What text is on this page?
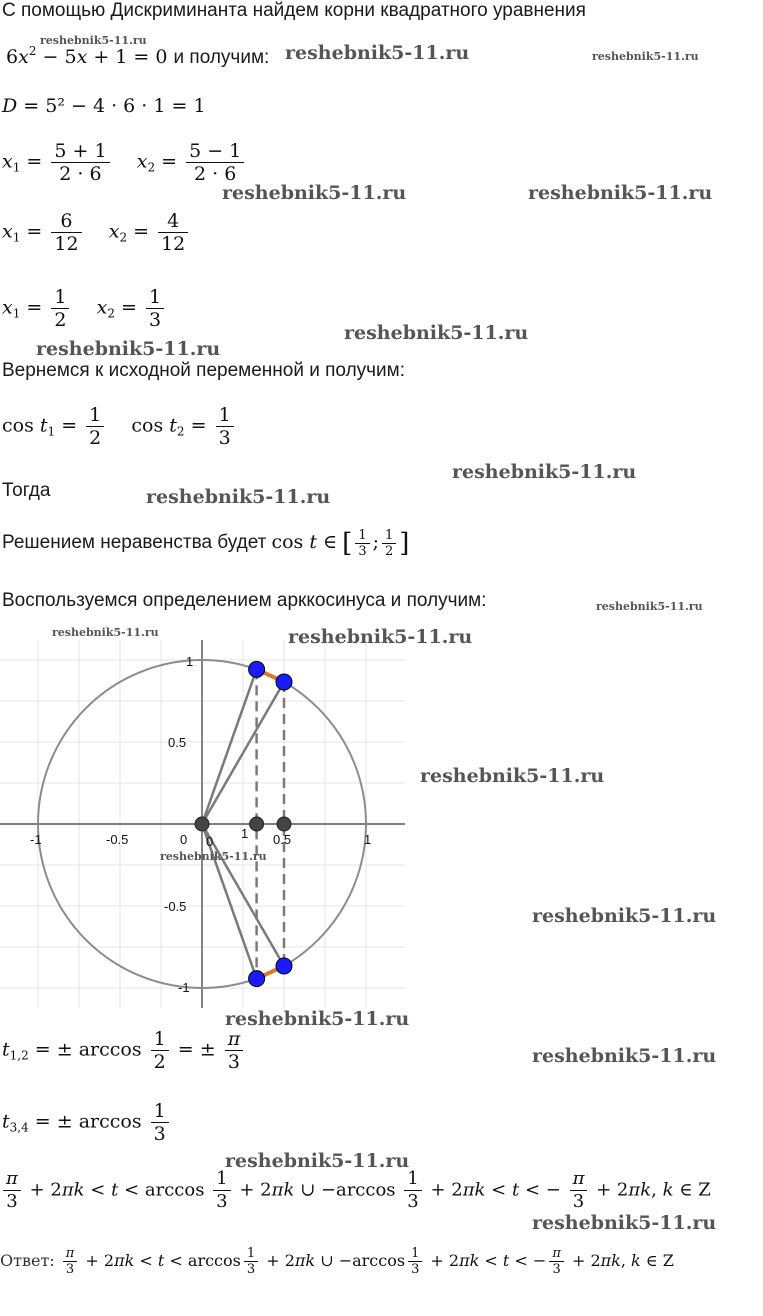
С помощью Дискриминанта найдем корни квадратного уравнения
$6x^2 - 5x + 1 = 0$ и получим:
D = 5² − 4 · 6 · 1 = 1
$x_1 = \frac{5 + 1}{2 \cdot 6} x_2 = \frac{5 - 1}{2 \cdot 6}$
$x_1 = \frac{6}{12} x_2 = \frac{4}{12}$
$x_1 = \frac{1}{2} x_2 = \frac{1}{3}$
Вернемся к исходной переменной и получим:
$\cos t_1 = \frac{1}{2}$ $\cos t_2 = \frac{1}{3}$
Тогда
Решением неравенства будет cos t ∈ [ $\frac{1}{3}$ ; $\frac{1}{2}$ ]
Воспользуемся определением арккосинуса и получим:
-1	-0.5	0	0.5	1
1
0.5
-0.5
-1
0
1
$t_{1,2}$ = ± $\arccos \frac{1}{2}$ = ± $\frac{\pi}{3}$
$t_{3,4}$ = ± $\arccos \frac{1}{3}$
$\frac{\pi}{3} + 2\pi k < t < \arccos \frac{1}{3} + 2\pi k$ ∪ $-\arccos \frac{1}{3} + 2\pi k < t$ < − $\frac{\pi}{3} + 2\pi k$, k ∈ Z
Ответ: $\frac{\pi}{3} + 2\pi k < t < \arccos \frac{1}{3} + 2\pi k$ ∪ $-\arccos \frac{1}{3} + 2\pi k < t$ < − $\frac{\pi}{3} + 2\pi k$, k ∈ Z
reshebnik5-11.ru
reshebnik5-11.ru	reshebnik5-11.ru
reshebnik5-11.ru	reshebnik5-11.ru
reshebnik5-11.ru
reshebnik5-11.ru
reshebnik5-11.ru
reshebnik5-11.ru
reshebnik5-11.ru
reshebnik5-11.ru	reshebnik5-11.ru
reshebnik5-11.ru
reshebnik5-11.ru
reshebnik5-11.ru
reshebnik5-11.ru
reshebnik5-11.ru
reshebnik5-11.ru
reshebnik5-11.ru
